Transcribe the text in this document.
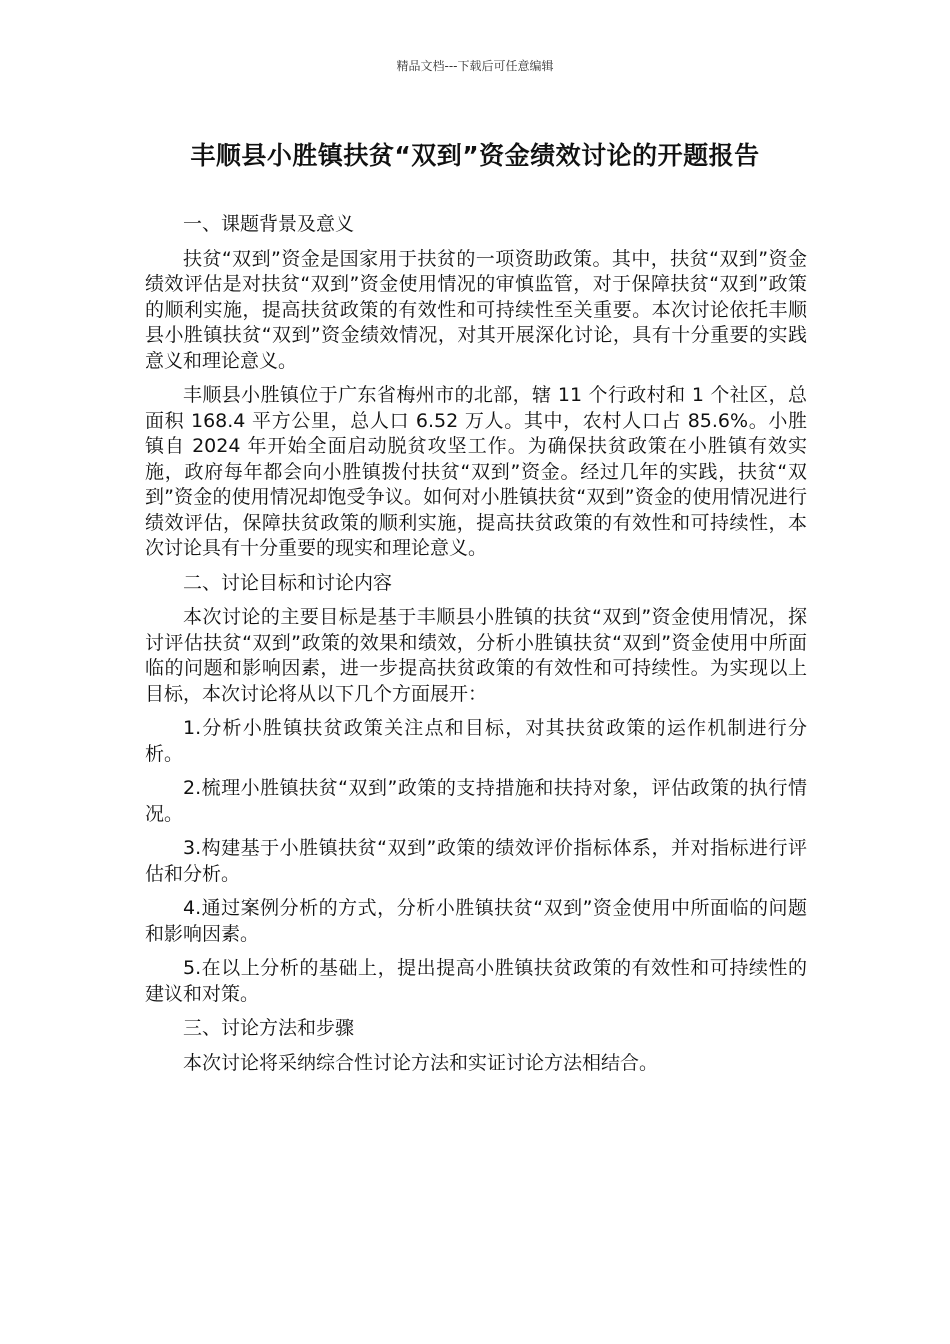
精品文档---下载后可任意编辑
丰顺县小胜镇扶贫“双到”资金绩效讨论的开题报告

一、课题背景及意义

扶贫“双到”资金是国家用于扶贫的一项资助政策。其中，扶贫“双到”资金绩效评估是对扶贫“双到”资金使用情况的审慎监管，对于保障扶贫“双到”政策的顺利实施，提高扶贫政策的有效性和可持续性至关重要。本次讨论依托丰顺县小胜镇扶贫“双到”资金绩效情况，对其开展深化讨论，具有十分重要的实践意义和理论意义。

丰顺县小胜镇位于广东省梅州市的北部，辖 11 个行政村和 1 个社区，总面积 168.4 平方公里，总人口 6.52 万人。其中，农村人口占 85.6%。小胜镇自 2024 年开始全面启动脱贫攻坚工作。为确保扶贫政策在小胜镇有效实施，政府每年都会向小胜镇拨付扶贫“双到”资金。经过几年的实践，扶贫“双到”资金的使用情况却饱受争议。如何对小胜镇扶贫“双到”资金的使用情况进行绩效评估，保障扶贫政策的顺利实施，提高扶贫政策的有效性和可持续性，本次讨论具有十分重要的现实和理论意义。

二、讨论目标和讨论内容

本次讨论的主要目标是基于丰顺县小胜镇的扶贫“双到”资金使用情况，探讨评估扶贫“双到”政策的效果和绩效，分析小胜镇扶贫“双到”资金使用中所面临的问题和影响因素，进一步提高扶贫政策的有效性和可持续性。为实现以上目标，本次讨论将从以下几个方面展开：

1.分析小胜镇扶贫政策关注点和目标，对其扶贫政策的运作机制进行分析。

2.梳理小胜镇扶贫“双到”政策的支持措施和扶持对象，评估政策的执行情况。

3.构建基于小胜镇扶贫“双到”政策的绩效评价指标体系，并对指标进行评估和分析。

4.通过案例分析的方式，分析小胜镇扶贫“双到”资金使用中所面临的问题和影响因素。

5.在以上分析的基础上，提出提高小胜镇扶贫政策的有效性和可持续性的建议和对策。

三、讨论方法和步骤

本次讨论将采纳综合性讨论方法和实证讨论方法相结合。
